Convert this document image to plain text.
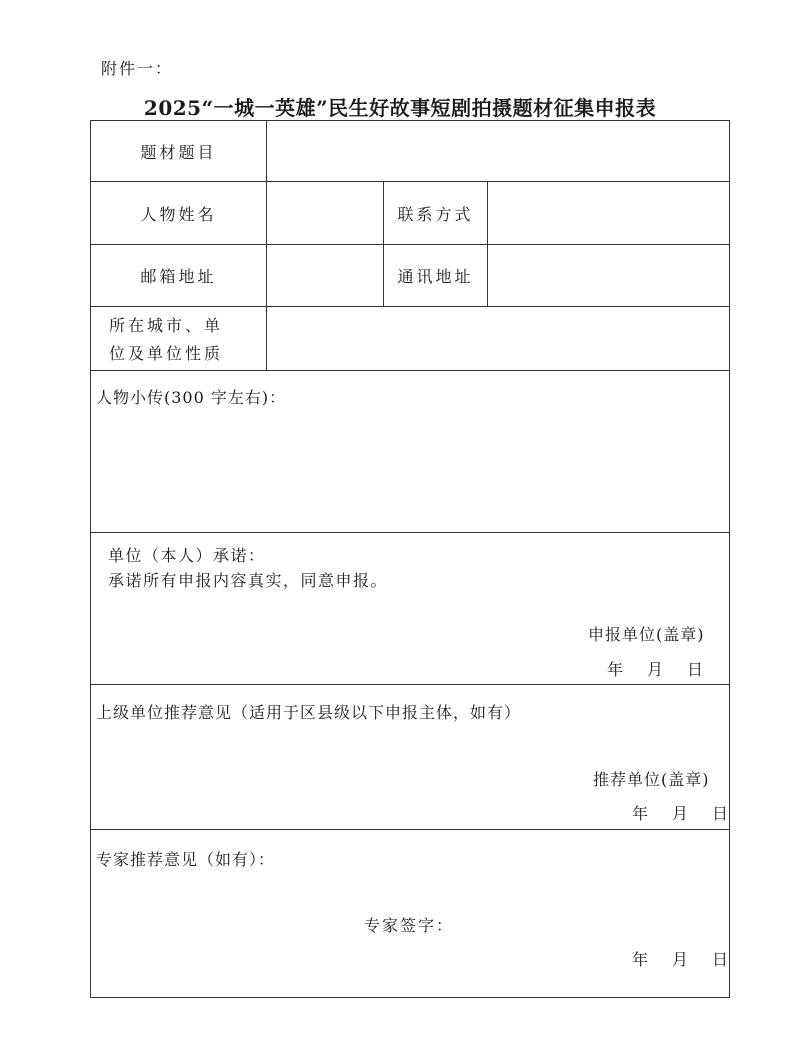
附件一：
2025“一城一英雄”民生好故事短剧拍摄题材征集申报表
题材题目
人物姓名	联系方式
邮箱地址	通讯地址
所在城市、单
位及单位性质
人物小传(300 字左右)：
单位（本人）承诺：
承诺所有申报内容真实，同意申报。
申报单位(盖章)
年　月　日
上级单位推荐意见（适用于区县级以下申报主体，如有）
推荐单位(盖章)
年　月　日
专家推荐意见（如有）：
专家签字：
年　月　日
